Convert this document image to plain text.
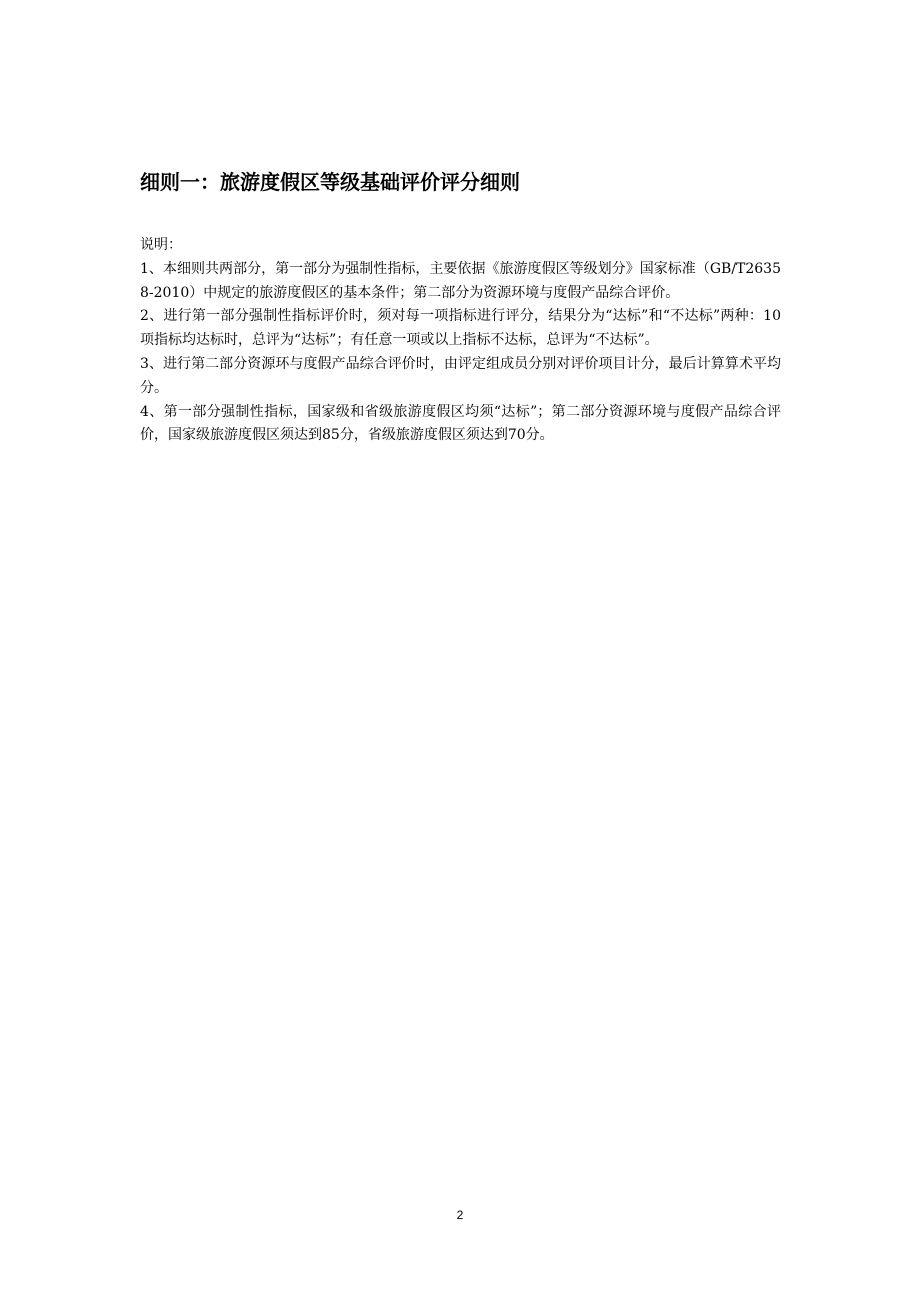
细则一：旅游度假区等级基础评价评分细则

说明：

1、本细则共两部分，第一部分为强制性指标，主要依据《旅游度假区等级划分》国家标准（GB/T26358-2010）中规定的旅游度假区的基本条件；第二部分为资源环境与度假产品综合评价。

2、进行第一部分强制性指标评价时，须对每一项指标进行评分，结果分为“达标”和“不达标”两种：10项指标均达标时，总评为“达标”；有任意一项或以上指标不达标，总评为“不达标”。

3、进行第二部分资源环与度假产品综合评价时，由评定组成员分别对评价项目计分，最后计算算术平均分。

4、第一部分强制性指标，国家级和省级旅游度假区均须“达标”；第二部分资源环境与度假产品综合评价，国家级旅游度假区须达到85分，省级旅游度假区须达到70分。

2
